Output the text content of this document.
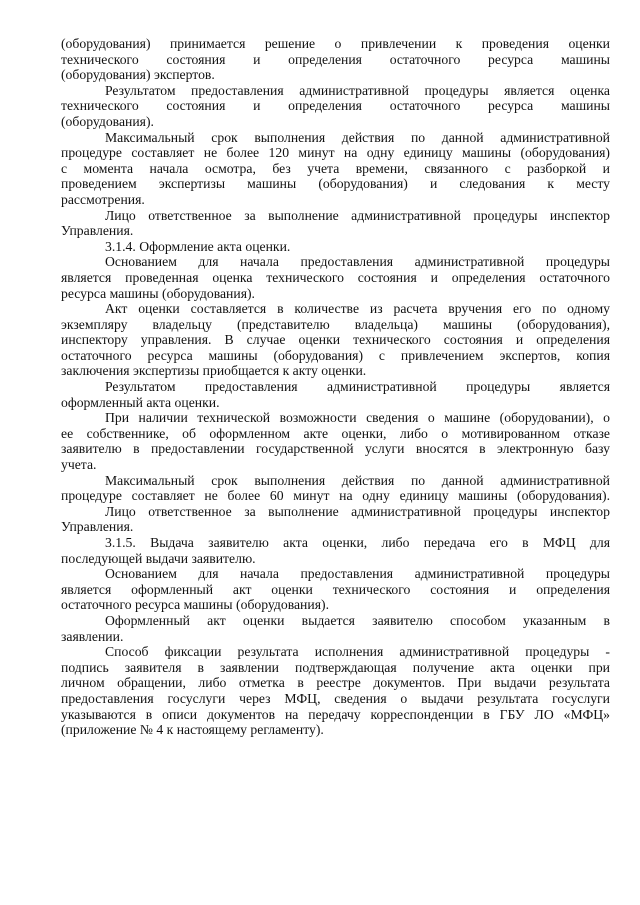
(оборудования) принимается решение о привлечении к проведения оценки
технического состояния и определения остаточного ресурса машины
(оборудования) экспертов.
Результатом предоставления административной процедуры является оценка
технического состояния и определения остаточного ресурса машины
(оборудования).
Максимальный срок выполнения действия по данной административной
процедуре составляет не более 120 минут на одну единицу машины (оборудования)
с момента начала осмотра, без учета времени, связанного с разборкой и
проведением экспертизы машины (оборудования) и следования к месту
рассмотрения.
Лицо ответственное за выполнение административной процедуры инспектор
Управления.
3.1.4. Оформление акта оценки.
Основанием для начала предоставления административной процедуры
является проведенная оценка технического состояния и определения остаточного
ресурса машины (оборудования).
Акт оценки составляется в количестве из расчета вручения его по одному
экземпляру владельцу (представителю владельца) машины (оборудования),
инспектору управления. В случае оценки технического состояния и определения
остаточного ресурса машины (оборудования) с привлечением экспертов, копия
заключения экспертизы приобщается к акту оценки.
Результатом предоставления административной процедуры является
оформленный акта оценки.
При наличии технической возможности сведения о машине (оборудовании), о
ее собственнике, об оформленном акте оценки, либо о мотивированном отказе
заявителю в предоставлении государственной услуги вносятся в электронную базу
учета.
Максимальный срок выполнения действия по данной административной
процедуре составляет не более 60 минут на одну единицу машины (оборудования).
Лицо ответственное за выполнение административной процедуры инспектор
Управления.
3.1.5. Выдача заявителю акта оценки, либо передача его в МФЦ для
последующей выдачи заявителю.
Основанием для начала предоставления административной процедуры
является оформленный акт оценки технического состояния и определения
остаточного ресурса машины (оборудования).
Оформленный акт оценки выдается заявителю способом указанным в
заявлении.
Способ фиксации результата исполнения административной процедуры -
подпись заявителя в заявлении подтверждающая получение акта оценки при
личном обращении, либо отметка в реестре документов. При выдачи результата
предоставления госуслуги через МФЦ, сведения о выдачи результата госуслуги
указываются в описи документов на передачу корреспонденции в ГБУ ЛО «МФЦ»
(приложение № 4 к настоящему регламенту).
